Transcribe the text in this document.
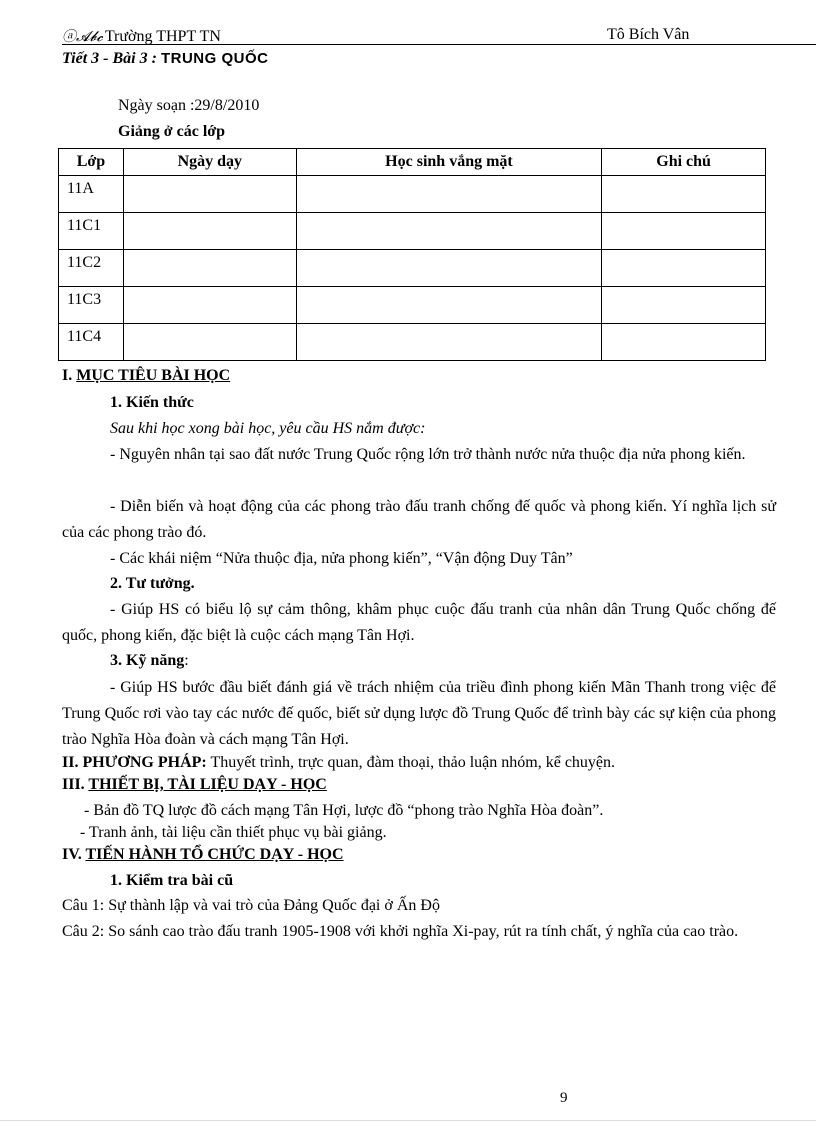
ⓐ𝓐𝓫𝓬 Trường THPT TN	Tô Bích Vân
Tiết 3 - Bài 3 : TRUNG QUỐC
Ngày soạn :29/8/2010
Giảng ở các lớp
Lớp	Ngày dạy	Học sinh vắng mặt	Ghi chú
11A			
11C1			
11C2			
11C3			
11C4			
I. MỤC TIÊU BÀI HỌC
1. Kiến thức
Sau khi học xong bài học, yêu cầu HS nắm được:
- Nguyên nhân tại sao đất nước Trung Quốc rộng lớn trở thành nước nửa thuộc địa nửa phong kiến.
- Diễn biến và hoạt động của các phong trào đấu tranh chống đế quốc và phong kiến. Yí nghĩa lịch sử của các phong trào đó.
- Các khái niệm “Nửa thuộc địa, nửa phong kiến”, “Vận động Duy Tân”
2. Tư tưởng.
- Giúp HS có biểu lộ sự cảm thông, khâm phục cuộc đấu tranh của nhân dân Trung Quốc chống đế quốc, phong kiến, đặc biệt là cuộc cách mạng Tân Hợi.
3. Kỹ năng:
- Giúp HS bước đầu biết đánh giá về trách nhiệm của triều đình phong kiến Mãn Thanh trong việc để Trung Quốc rơi vào tay các nước đế quốc, biết sử dụng lược đồ Trung Quốc để trình bày các sự kiện của phong trào Nghĩa Hòa đoàn và cách mạng Tân Hợi.
II. PHƯƠNG PHÁP: Thuyết trình, trực quan, đàm thoại, thảo luận nhóm, kể chuyện.
III. THIẾT BỊ, TÀI LIỆU DẠY - HỌC
- Bản đồ TQ lược đồ cách mạng Tân Hợi, lược đồ “phong trào Nghĩa Hòa đoàn”.
- Tranh ảnh, tài liệu cần thiết phục vụ bài giảng.
IV. TIẾN HÀNH TỔ CHỨC DẠY - HỌC
1. Kiểm tra bài cũ
Câu 1: Sự thành lập và vai trò của Đảng Quốc đại ở Ấn Độ
Câu 2: So sánh cao trào đấu tranh 1905-1908 với khởi nghĩa Xi-pay, rút ra tính chất, ý nghĩa của cao trào.
9
